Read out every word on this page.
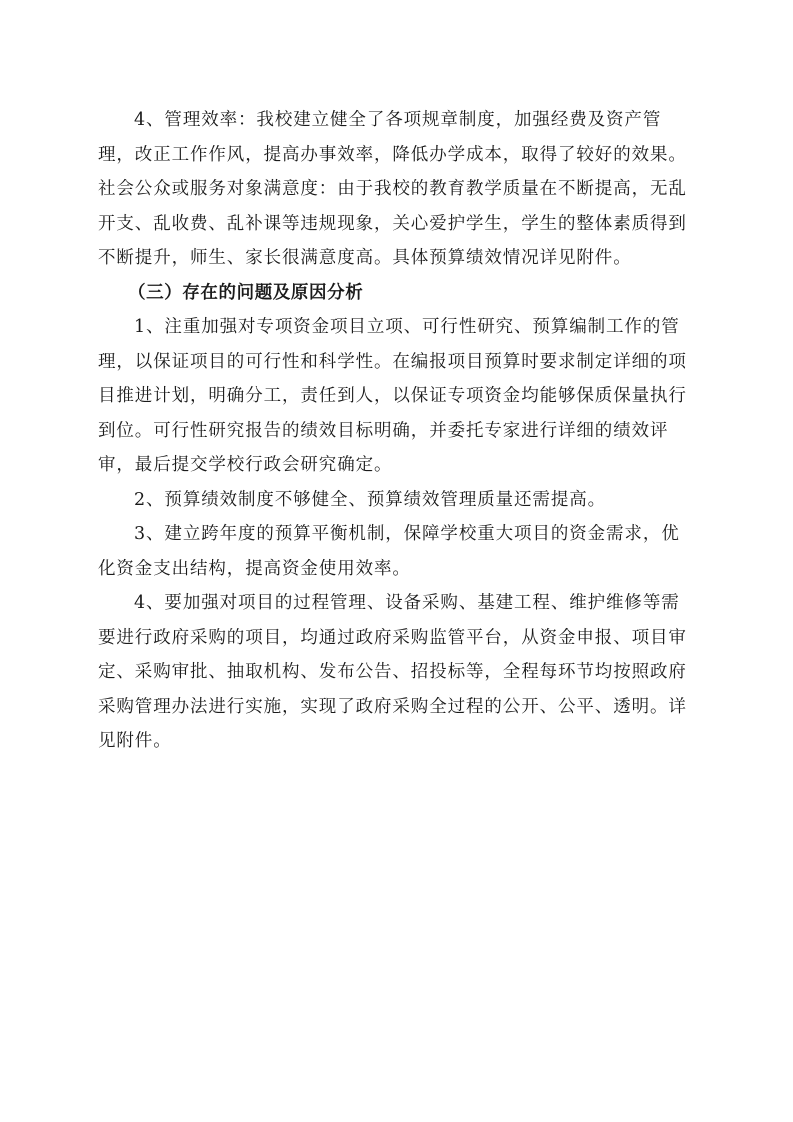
4、管理效率：我校建立健全了各项规章制度，加强经费及资产管
理，改正工作作风，提高办事效率，降低办学成本，取得了较好的效果。
社会公众或服务对象满意度：由于我校的教育教学质量在不断提高，无乱
开支、乱收费、乱补课等违规现象，关心爱护学生，学生的整体素质得到
不断提升，师生、家长很满意度高。具体预算绩效情况详见附件。
（三）存在的问题及原因分析
1、注重加强对专项资金项目立项、可行性研究、预算编制工作的管
理，以保证项目的可行性和科学性。在编报项目预算时要求制定详细的项
目推进计划，明确分工，责任到人，以保证专项资金均能够保质保量执行
到位。可行性研究报告的绩效目标明确，并委托专家进行详细的绩效评
审，最后提交学校行政会研究确定。
2、预算绩效制度不够健全、预算绩效管理质量还需提高。
3、建立跨年度的预算平衡机制，保障学校重大项目的资金需求，优
化资金支出结构，提高资金使用效率。
4、要加强对项目的过程管理、设备采购、基建工程、维护维修等需
要进行政府采购的项目，均通过政府采购监管平台，从资金申报、项目审
定、采购审批、抽取机构、发布公告、招投标等，全程每环节均按照政府
采购管理办法进行实施，实现了政府采购全过程的公开、公平、透明。详
见附件。
